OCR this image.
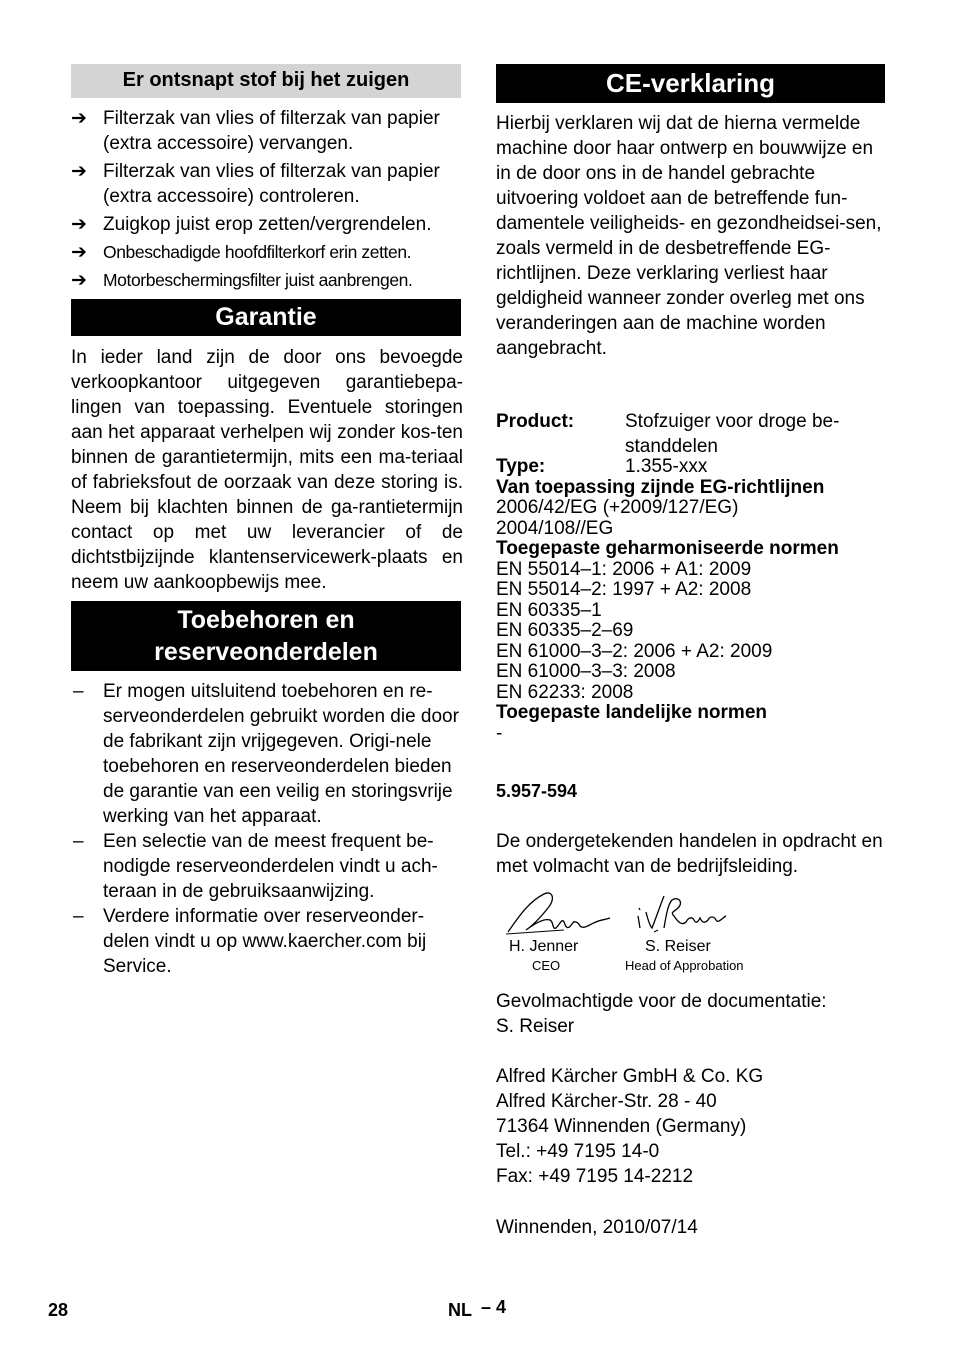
Er ontsnapt stof bij het zuigen
➔ Filterzak van vlies of filterzak van papier (extra accessoire) vervangen.
➔ Filterzak van vlies of filterzak van papier (extra accessoire) controleren.
➔ Zuigkop juist erop zetten/vergrendelen.
➔ Onbeschadigde hoofdfilterkorf erin zetten.
➔ Motorbeschermingsfilter juist aanbrengen.
Garantie

In ieder land zijn de door ons bevoegde verkoopkantoor uitgegeven garantiebepa-lingen van toepassing. Eventuele storingen aan het apparaat verhelpen wij zonder kos-ten binnen de garantietermijn, mits een ma-teriaal of fabrieksfout de oorzaak van deze storing is. Neem bij klachten binnen de ga-rantietermijn contact op met uw leverancier of de dichtstbijzijnde klantenservicewerk-plaats en neem uw aankoopbewijs mee.

Toebehoren en
reserveonderdelen
– Er mogen uitsluitend toebehoren en re-serveonderdelen gebruikt worden die door de fabrikant zijn vrijgegeven. Origi-nele toebehoren en reserveonderdelen bieden de garantie van een veilig en storingsvrije werking van het apparaat.
– Een selectie van de meest frequent be-nodigde reserveonderdelen vindt u ach-teraan in de gebruiksaanwijzing.
– Verdere informatie over reserveonder-delen vindt u op www.kaercher.com bij Service.
CE-verklaring

Hierbij verklaren wij dat de hierna vermelde machine door haar ontwerp en bouwwijze en in de door ons in de handel gebrachte uitvoering voldoet aan de betreffende fun-damentele veiligheids- en gezondheidsei-sen, zoals vermeld in de desbetreffende EG-richtlijnen. Deze verklaring verliest haar geldigheid wanneer zonder overleg met ons veranderingen aan de machine worden aangebracht.

Product:	Stofzuiger voor droge be-
standdelen
Type:	1.355-xxx
Van toepassing zijnde EG-richtlijnen
2006/42/EG (+2009/127/EG)
2004/108//EG
Toegepaste geharmoniseerde normen
EN 55014–1: 2006 + A1: 2009
EN 55014–2: 1997 + A2: 2008
EN 60335–1
EN 60335–2–69
EN 61000–3–2: 2006 + A2: 2009
EN 61000–3–3: 2008
EN 62233: 2008
Toegepaste landelijke normen
-
5.957-594

De ondergetekenden handelen in opdracht en met volmacht van de bedrijfsleiding.

H. Jenner
CEO
S. Reiser
Head of Approbation
Gevolmachtigde voor de documentatie:
S. Reiser
Alfred Kärcher GmbH & Co. KG
Alfred Kärcher-Str. 28 - 40
71364 Winnenden (Germany)
Tel.: +49 7195 14-0
Fax: +49 7195 14-2212
Winnenden, 2010/07/14
28	NL – 4
